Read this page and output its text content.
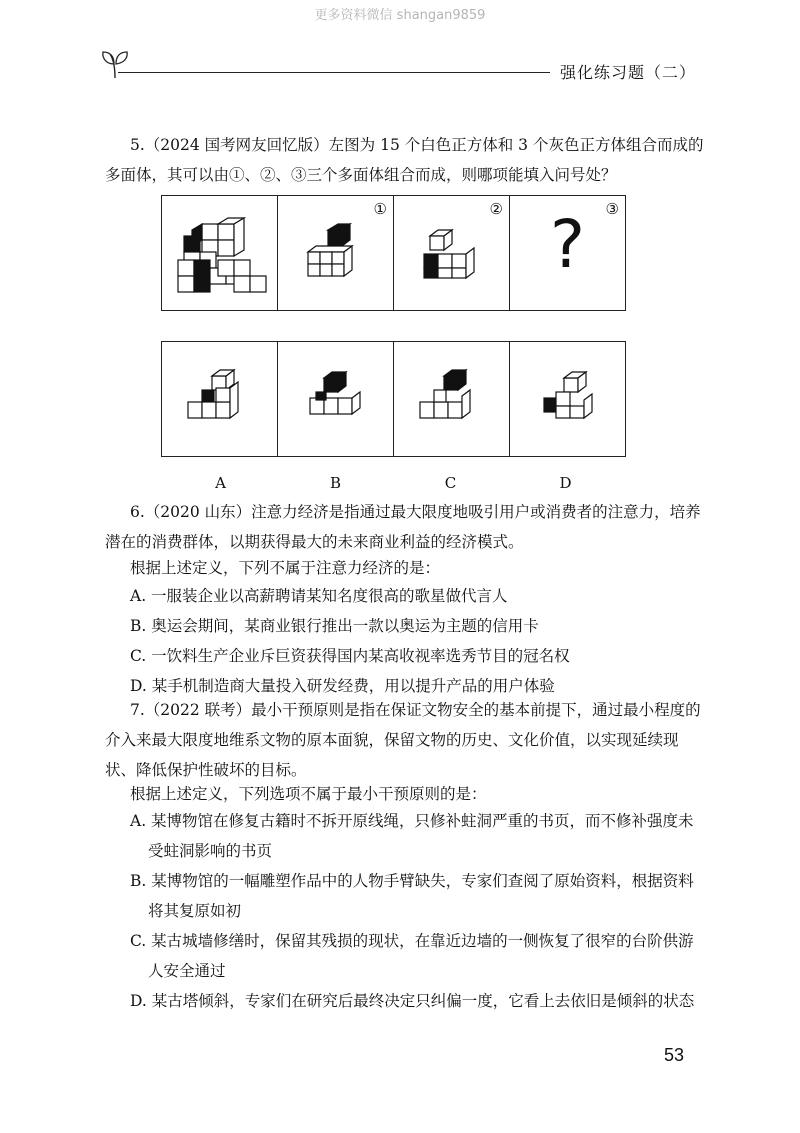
更多资料微信 shangan9859
强化练习题（二）
5.（2024 国考网友回忆版）左图为 15 个白色正方体和 3 个灰色正方体组合而成的多面体，其可以由①、②、③三个多面体组合而成，则哪项能填入问号处？
①	②	③
?
A	B	C	D
6.（2020 山东）注意力经济是指通过最大限度地吸引用户或消费者的注意力，培养潜在的消费群体，以期获得最大的未来商业利益的经济模式。
根据上述定义，下列不属于注意力经济的是：
A. 一服装企业以高薪聘请某知名度很高的歌星做代言人
B. 奥运会期间，某商业银行推出一款以奥运为主题的信用卡
C. 一饮料生产企业斥巨资获得国内某高收视率选秀节目的冠名权
D. 某手机制造商大量投入研发经费，用以提升产品的用户体验
7.（2022 联考）最小干预原则是指在保证文物安全的基本前提下，通过最小程度的介入来最大限度地维系文物的原本面貌，保留文物的历史、文化价值，以实现延续现状、降低保护性破坏的目标。
根据上述定义，下列选项不属于最小干预原则的是：
A. 某博物馆在修复古籍时不拆开原线绳，只修补蛀洞严重的书页，而不修补强度未受蛀洞影响的书页
B. 某博物馆的一幅雕塑作品中的人物手臂缺失，专家们查阅了原始资料，根据资料将其复原如初
C. 某古城墙修缮时，保留其残损的现状，在靠近边墙的一侧恢复了很窄的台阶供游人安全通过
D. 某古塔倾斜，专家们在研究后最终决定只纠偏一度，它看上去依旧是倾斜的状态
53
